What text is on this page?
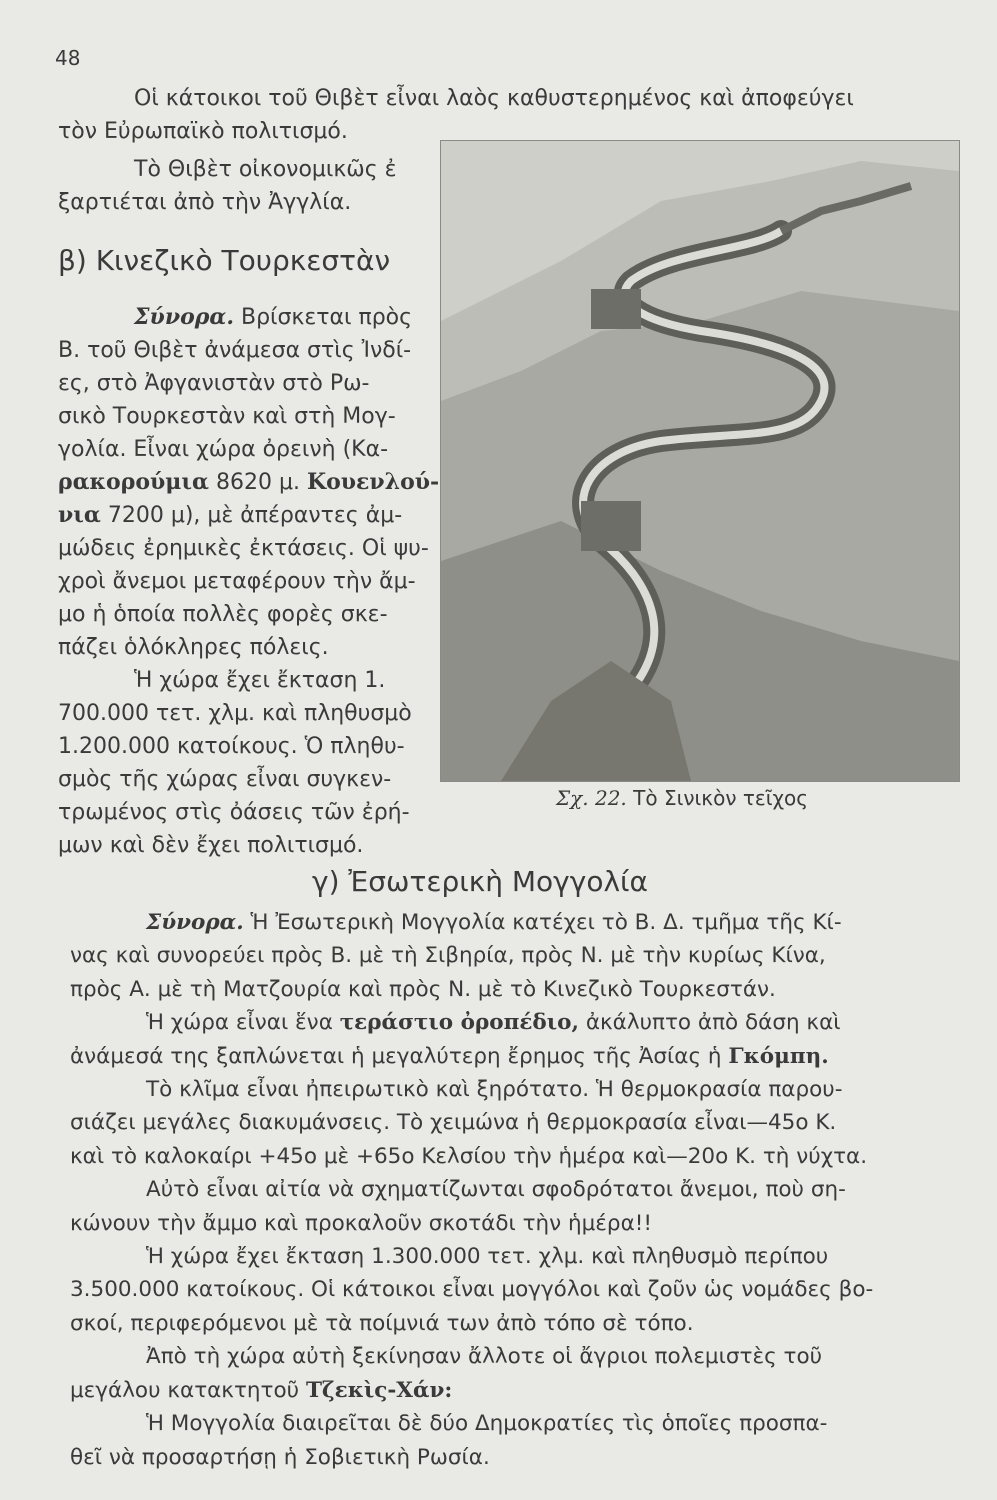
48
Οἱ κάτοικοι τοῦ Θιβὲτ εἶναι λαὸς καθυστερημένος καὶ ἀποφεύγει
τὸν Εὐρωπαϊκὸ πολιτισμό.
Τὸ Θιβὲτ οἰκονομικῶς ἐ
ξαρτιέται ἀπὸ τὴν Ἀγγλία.
β) Κινεζικὸ Τουρκεστὰν
Σύνορα. Βρίσκεται πρὸς
Β. τοῦ Θιβὲτ ἀνάμεσα στὶς Ἰνδί-
ες, στὸ Ἀφγανιστὰν στὸ Ρω-
σικὸ Τουρκεστὰν καὶ στὴ Μογ-
γολία. Εἶναι χώρα ὀρεινὴ (Κα-
ρακορούμια 8620 μ. Κουενλού-
νια 7200 μ), μὲ ἀπέραντες ἀμ-
μώδεις ἐρημικὲς ἐκτάσεις. Οἱ ψυ-
χροὶ ἄνεμοι μεταφέρουν τὴν ἄμ-
μο ἡ ὁποία πολλὲς φορὲς σκε-
πάζει ὁλόκληρες πόλεις.
Ἡ χώρα ἔχει ἔκταση 1.
700.000 τετ. χλμ. καὶ πληθυσμὸ
1.200.000 κατοίκους. Ὁ πληθυ-
σμὸς τῆς χώρας εἶναι συγκεν-
τρωμένος στὶς ὀάσεις τῶν ἐρή-
μων καὶ δὲν ἔχει πολιτισμό.
Σχ. 22. Τὸ Σινικὸν τεῖχος
γ) Ἐσωτερικὴ Μογγολία
Σύνορα. Ἡ Ἐσωτερικὴ Μογγολία κατέχει τὸ Β. Δ. τμῆμα τῆς Κί-
νας καὶ συνορεύει πρὸς Β. μὲ τὴ Σιβηρία, πρὸς Ν. μὲ τὴν κυρίως Κίνα,
πρὸς Α. μὲ τὴ Ματζουρία καὶ πρὸς Ν. μὲ τὸ Κινεζικὸ Τουρκεστάν.
Ἡ χώρα εἶναι ἕνα τεράστιο ὀροπέδιο, ἀκάλυπτο ἀπὸ δάση καὶ
ἀνάμεσά της ξαπλώνεται ἡ μεγαλύτερη ἔρημος τῆς Ἀσίας ἡ Γκόμπη.
Τὸ κλῖμα εἶναι ἠπειρωτικὸ καὶ ξηρότατο. Ἡ θερμοκρασία παρου-
σιάζει μεγάλες διακυμάνσεις. Τὸ χειμώνα ἡ θερμοκρασία εἶναι—45ο Κ.
καὶ τὸ καλοκαίρι +45ο μὲ +65ο Κελσίου τὴν ἡμέρα καὶ—20ο Κ. τὴ νύχτα.
Αὐτὸ εἶναι αἰτία νὰ σχηματίζωνται σφοδρότατοι ἄνεμοι, ποὺ ση-
κώνουν τὴν ἄμμο καὶ προκαλοῦν σκοτάδι τὴν ἡμέρα!!
Ἡ χώρα ἔχει ἔκταση 1.300.000 τετ. χλμ. καὶ πληθυσμὸ περίπου
3.500.000 κατοίκους. Οἱ κάτοικοι εἶναι μογγόλοι καὶ ζοῦν ὡς νομάδες βο-
σκοί, περιφερόμενοι μὲ τὰ ποίμνιά των ἀπὸ τόπο σὲ τόπο.
Ἀπὸ τὴ χώρα αὐτὴ ξεκίνησαν ἄλλοτε οἱ ἄγριοι πολεμιστὲς τοῦ
μεγάλου κατακτητοῦ Τζεκὶς-Χάν:
Ἡ Μογγολία διαιρεῖται δὲ δύο Δημοκρατίες τὶς ὁποῖες προσπα-
θεῖ νὰ προσαρτήσῃ ἡ Σοβιετικὴ Ρωσία.
